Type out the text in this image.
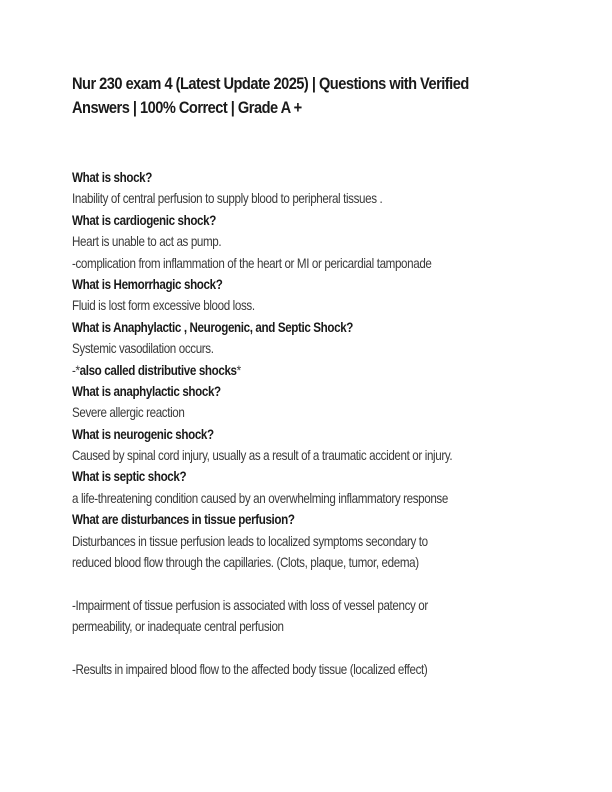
Nur 230 exam 4 (Latest Update 2025) | Questions with Verified
Answers | 100% Correct | Grade A +
What is shock?
Inability of central perfusion to supply blood to peripheral tissues .
What is cardiogenic shock?
Heart is unable to act as pump.
-complication from inflammation of the heart or MI or pericardial tamponade
What is Hemorrhagic shock?
Fluid is lost form excessive blood loss.
What is Anaphylactic , Neurogenic, and Septic Shock?
Systemic vasodilation occurs.
-*also called distributive shocks*
What is anaphylactic shock?
Severe allergic reaction
What is neurogenic shock?
Caused by spinal cord injury, usually as a result of a traumatic accident or injury.
What is septic shock?
a life-threatening condition caused by an overwhelming inflammatory response
What are disturbances in tissue perfusion?
Disturbances in tissue perfusion leads to localized symptoms secondary to
reduced blood flow through the capillaries. (Clots, plaque, tumor, edema)
-Impairment of tissue perfusion is associated with loss of vessel patency or
permeability, or inadequate central perfusion
-Results in impaired blood flow to the affected body tissue (localized effect)
